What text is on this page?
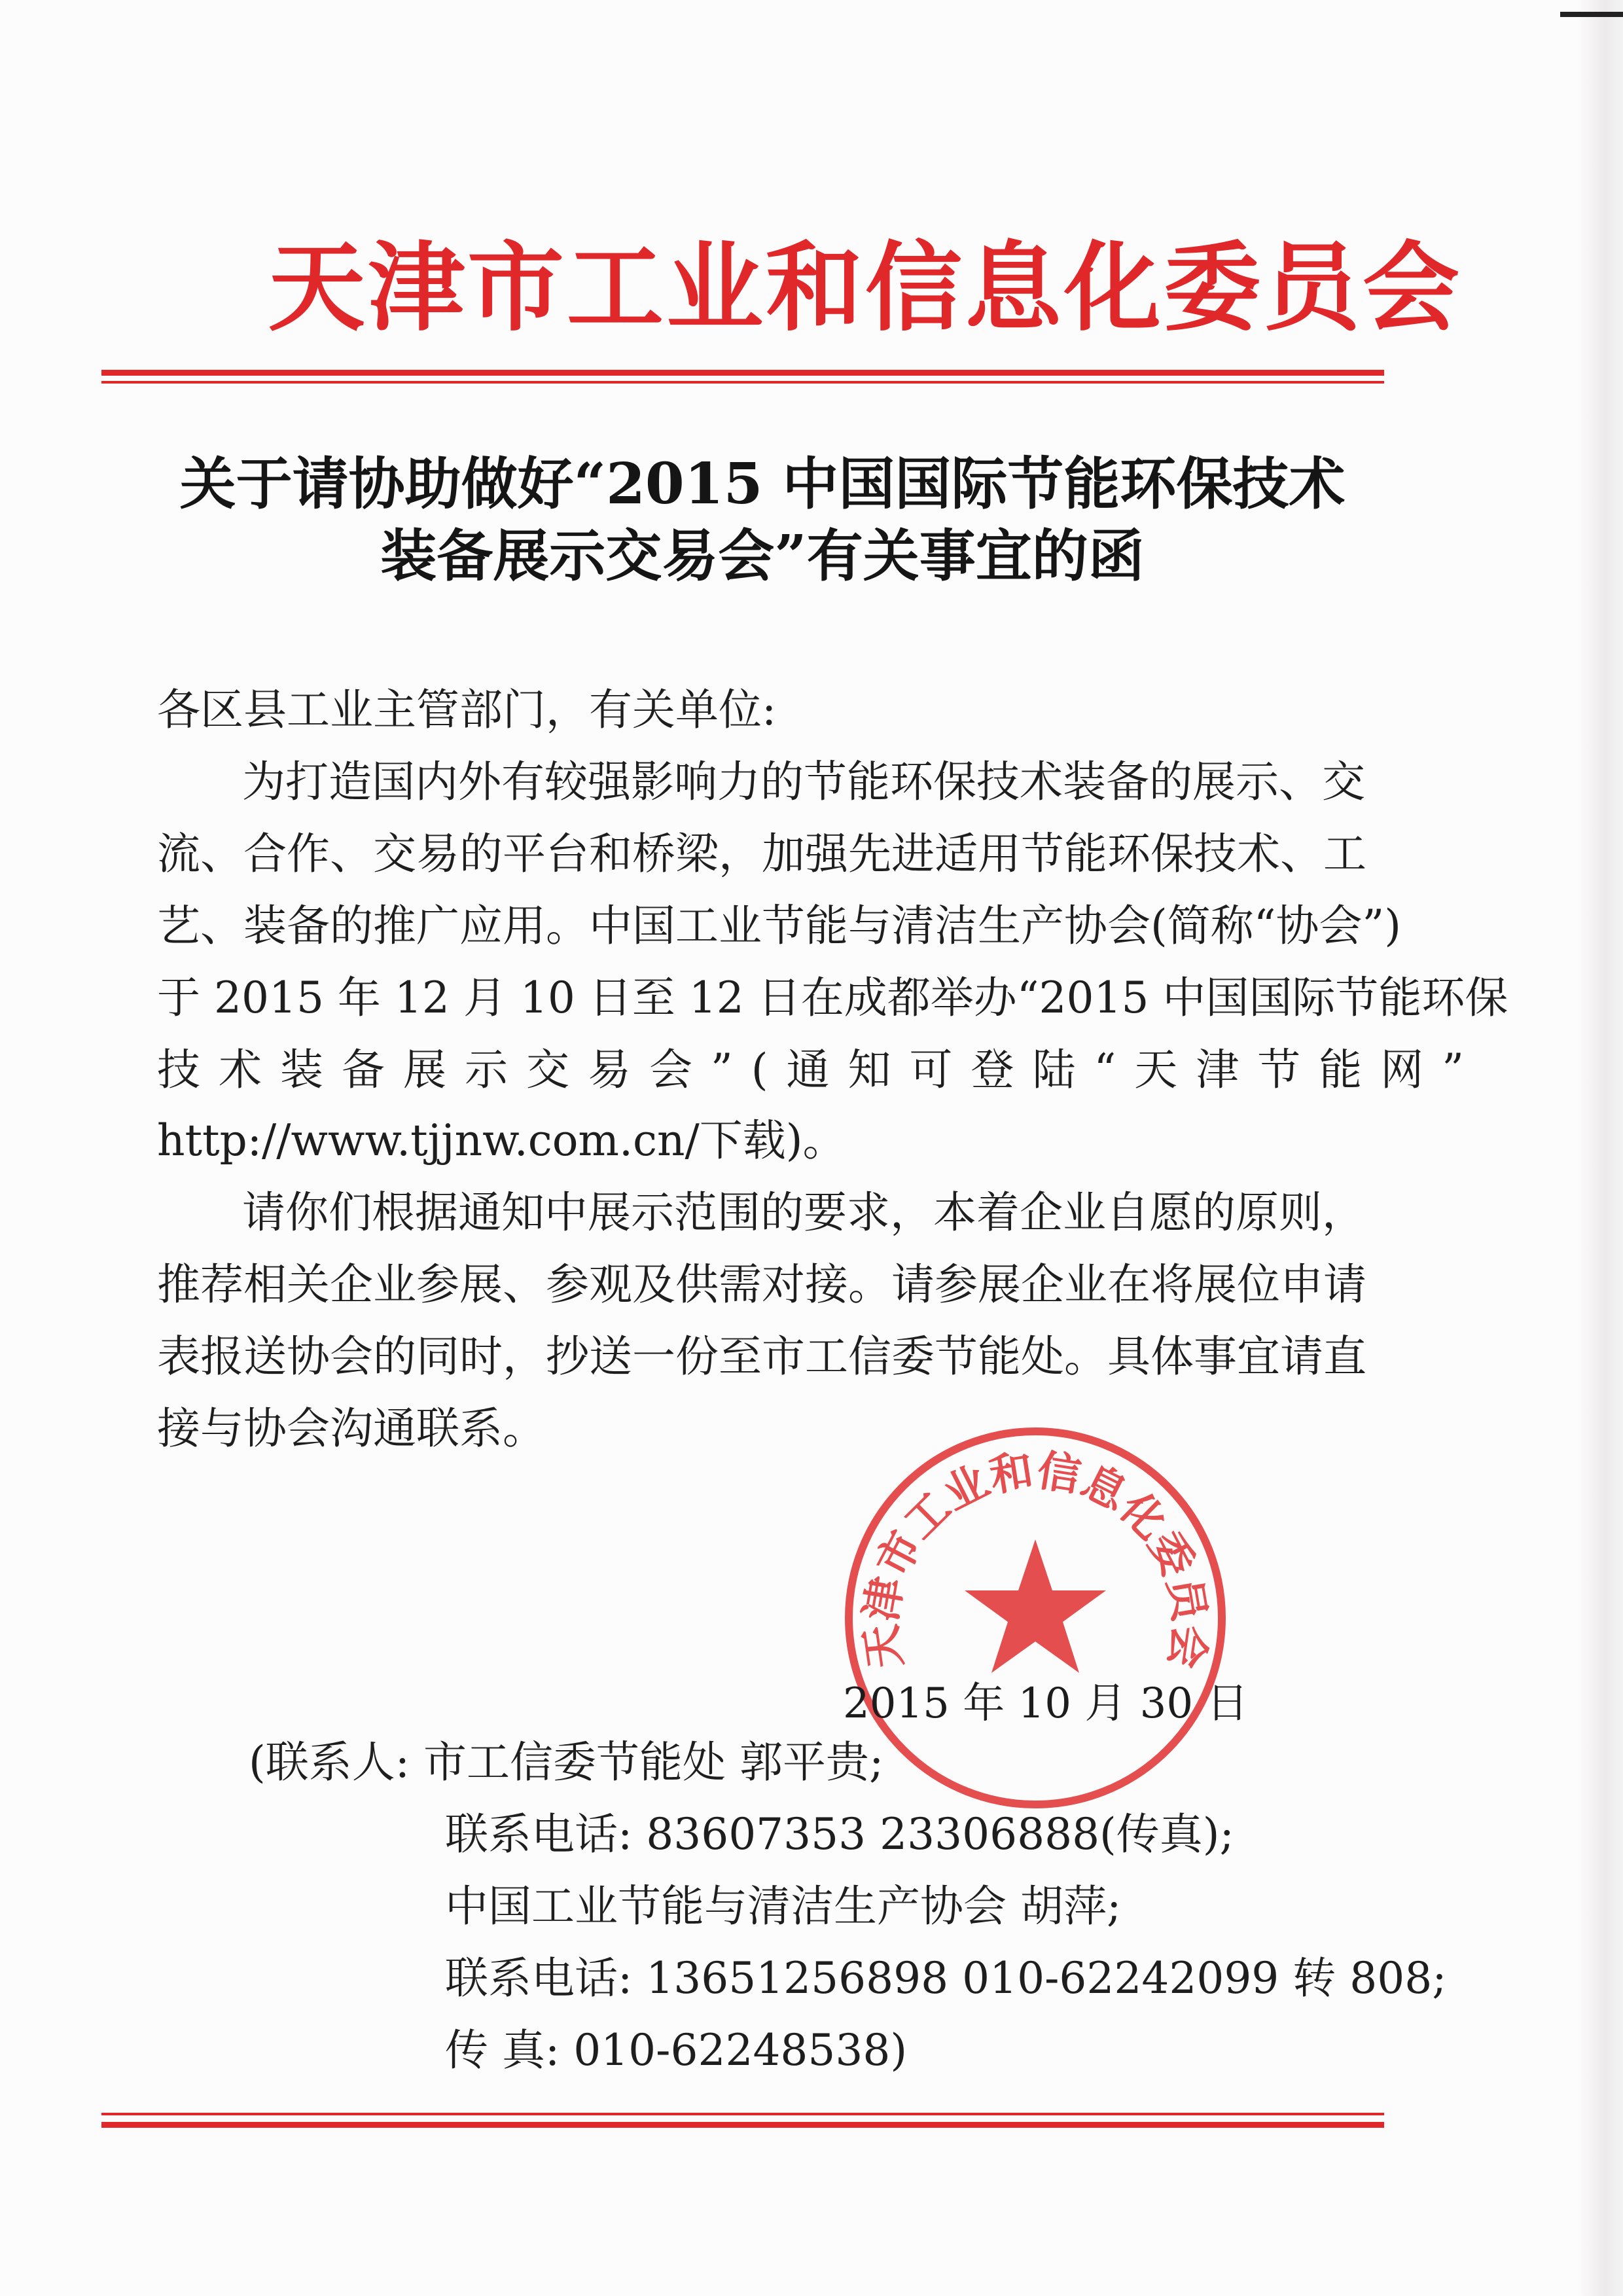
天津市工业和信息化委员会
关于请协助做好“2015 中国国际节能环保技术
装备展示交易会”有关事宜的函
各区县工业主管部门，有关单位:
为打造国内外有较强影响力的节能环保技术装备的展示、交
流、合作、交易的平台和桥梁，加强先进适用节能环保技术、工
艺、装备的推广应用。中国工业节能与清洁生产协会(简称“协会”)
于 2015 年 12 月 10 日至 12 日在成都举办“2015 中国国际节能环保
技术装备展示交易会”(通知可登陆“天津节能网”
http://www.tjjnw.com.cn/下载)。
请你们根据通知中展示范围的要求，本着企业自愿的原则，
推荐相关企业参展、参观及供需对接。请参展企业在将展位申请
表报送协会的同时，抄送一份至市工信委节能处。具体事宜请直
接与协会沟通联系。
天津市工业和信息化委员会
2015 年 10 月 30 日
(联系人: 市工信委节能处 郭平贵;
联系电话: 83607353 23306888(传真);
中国工业节能与清洁生产协会 胡萍;
联系电话: 13651256898 010-62242099 转 808;
传 真: 010-62248538)
